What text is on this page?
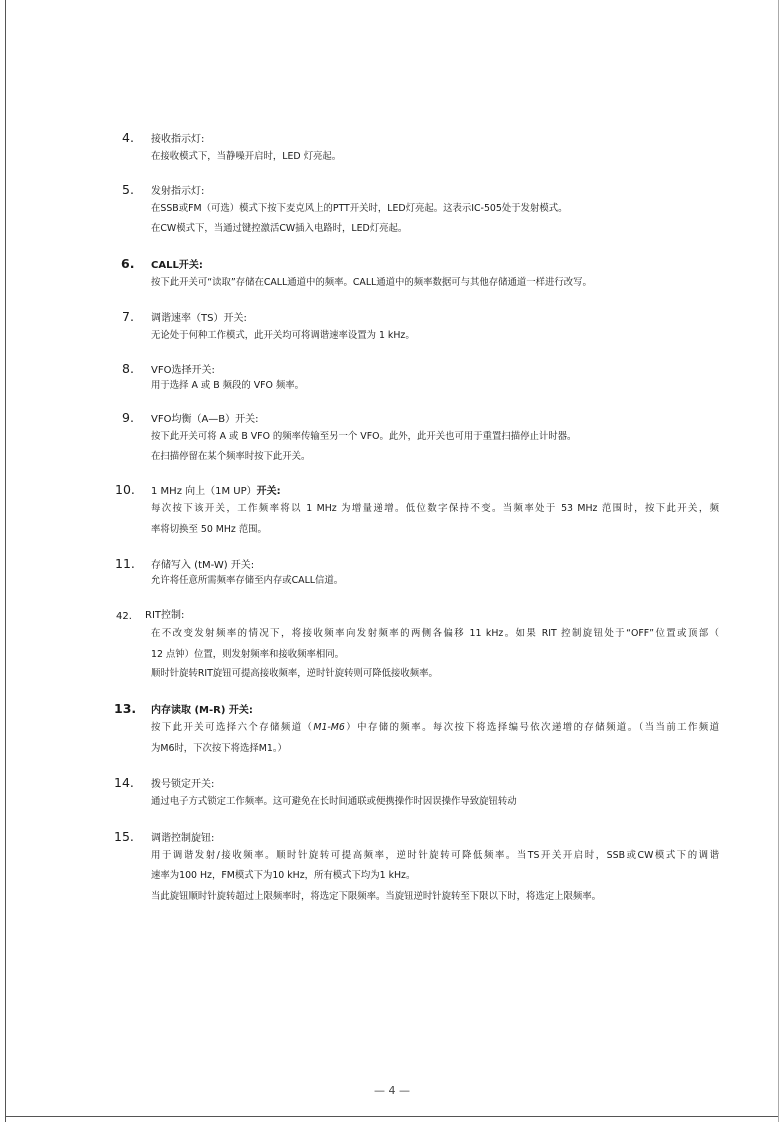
4. 接收指示灯:
在接收模式下，当静噪开启时，LED 灯亮起。
5. 发射指示灯:
在SSB或FM（可选）模式下按下麦克风上的PTT开关时，LED灯亮起。这表示IC-505处于发射模式。
在CW模式下，当通过键控激活CW插入电路时，LED灯亮起。
6. CALL开关:
按下此开关可“读取”存储在CALL通道中的频率。CALL通道中的频率数据可与其他存储通道一样进行改写。
7. 调谐速率（TS）开关:
无论处于何种工作模式，此开关均可将调谐速率设置为 1 kHz。
8. VFO选择开关:
用于选择 A 或 B 频段的 VFO 频率。
9. VFO均衡（A—B）开关:
按下此开关可将 A 或 B VFO 的频率传输至另一个 VFO。此外，此开关也可用于重置扫描停止计时器。
在扫描停留在某个频率时按下此开关。
10. 1 MHz 向上（1M UP）开关:
每次按下该开关，工作频率将以 1 MHz 为增量递增。低位数字保持不变。当频率处于 53 MHz 范围时，按下此开关，频
率将切换至 50 MHz 范围。
11. 存储写入 (tM-W) 开关:
允许将任意所需频率存储至内存或CALL信道。
42. RIT控制:
在不改变发射频率的情况下，将接收频率向发射频率的两侧各偏移 11 kHz。如果 RIT 控制旋钮处于“OFF”位置或顶部（
12 点钟）位置，则发射频率和接收频率相同。
顺时针旋转RIT旋钮可提高接收频率，逆时针旋转则可降低接收频率。
13. 内存读取 (M-R) 开关:
按下此开关可选择六个存储频道（M1-M6）中存储的频率。每次按下将选择编号依次递增的存储频道。（当当前工作频道
为M6时，下次按下将选择M1。）
14. 拨号锁定开关:
通过电子方式锁定工作频率。这可避免在长时间通联或便携操作时因误操作导致旋钮转动
15. 调谐控制旋钮:
用于调谐发射/接收频率。顺时针旋转可提高频率，逆时针旋转可降低频率。当TS开关开启时，SSB或CW模式下的调谐
速率为100 Hz，FM模式下为10 kHz，所有模式下均为1 kHz。
当此旋钮顺时针旋转超过上限频率时，将选定下限频率。当旋钮逆时针旋转至下限以下时，将选定上限频率。
— 4 —
